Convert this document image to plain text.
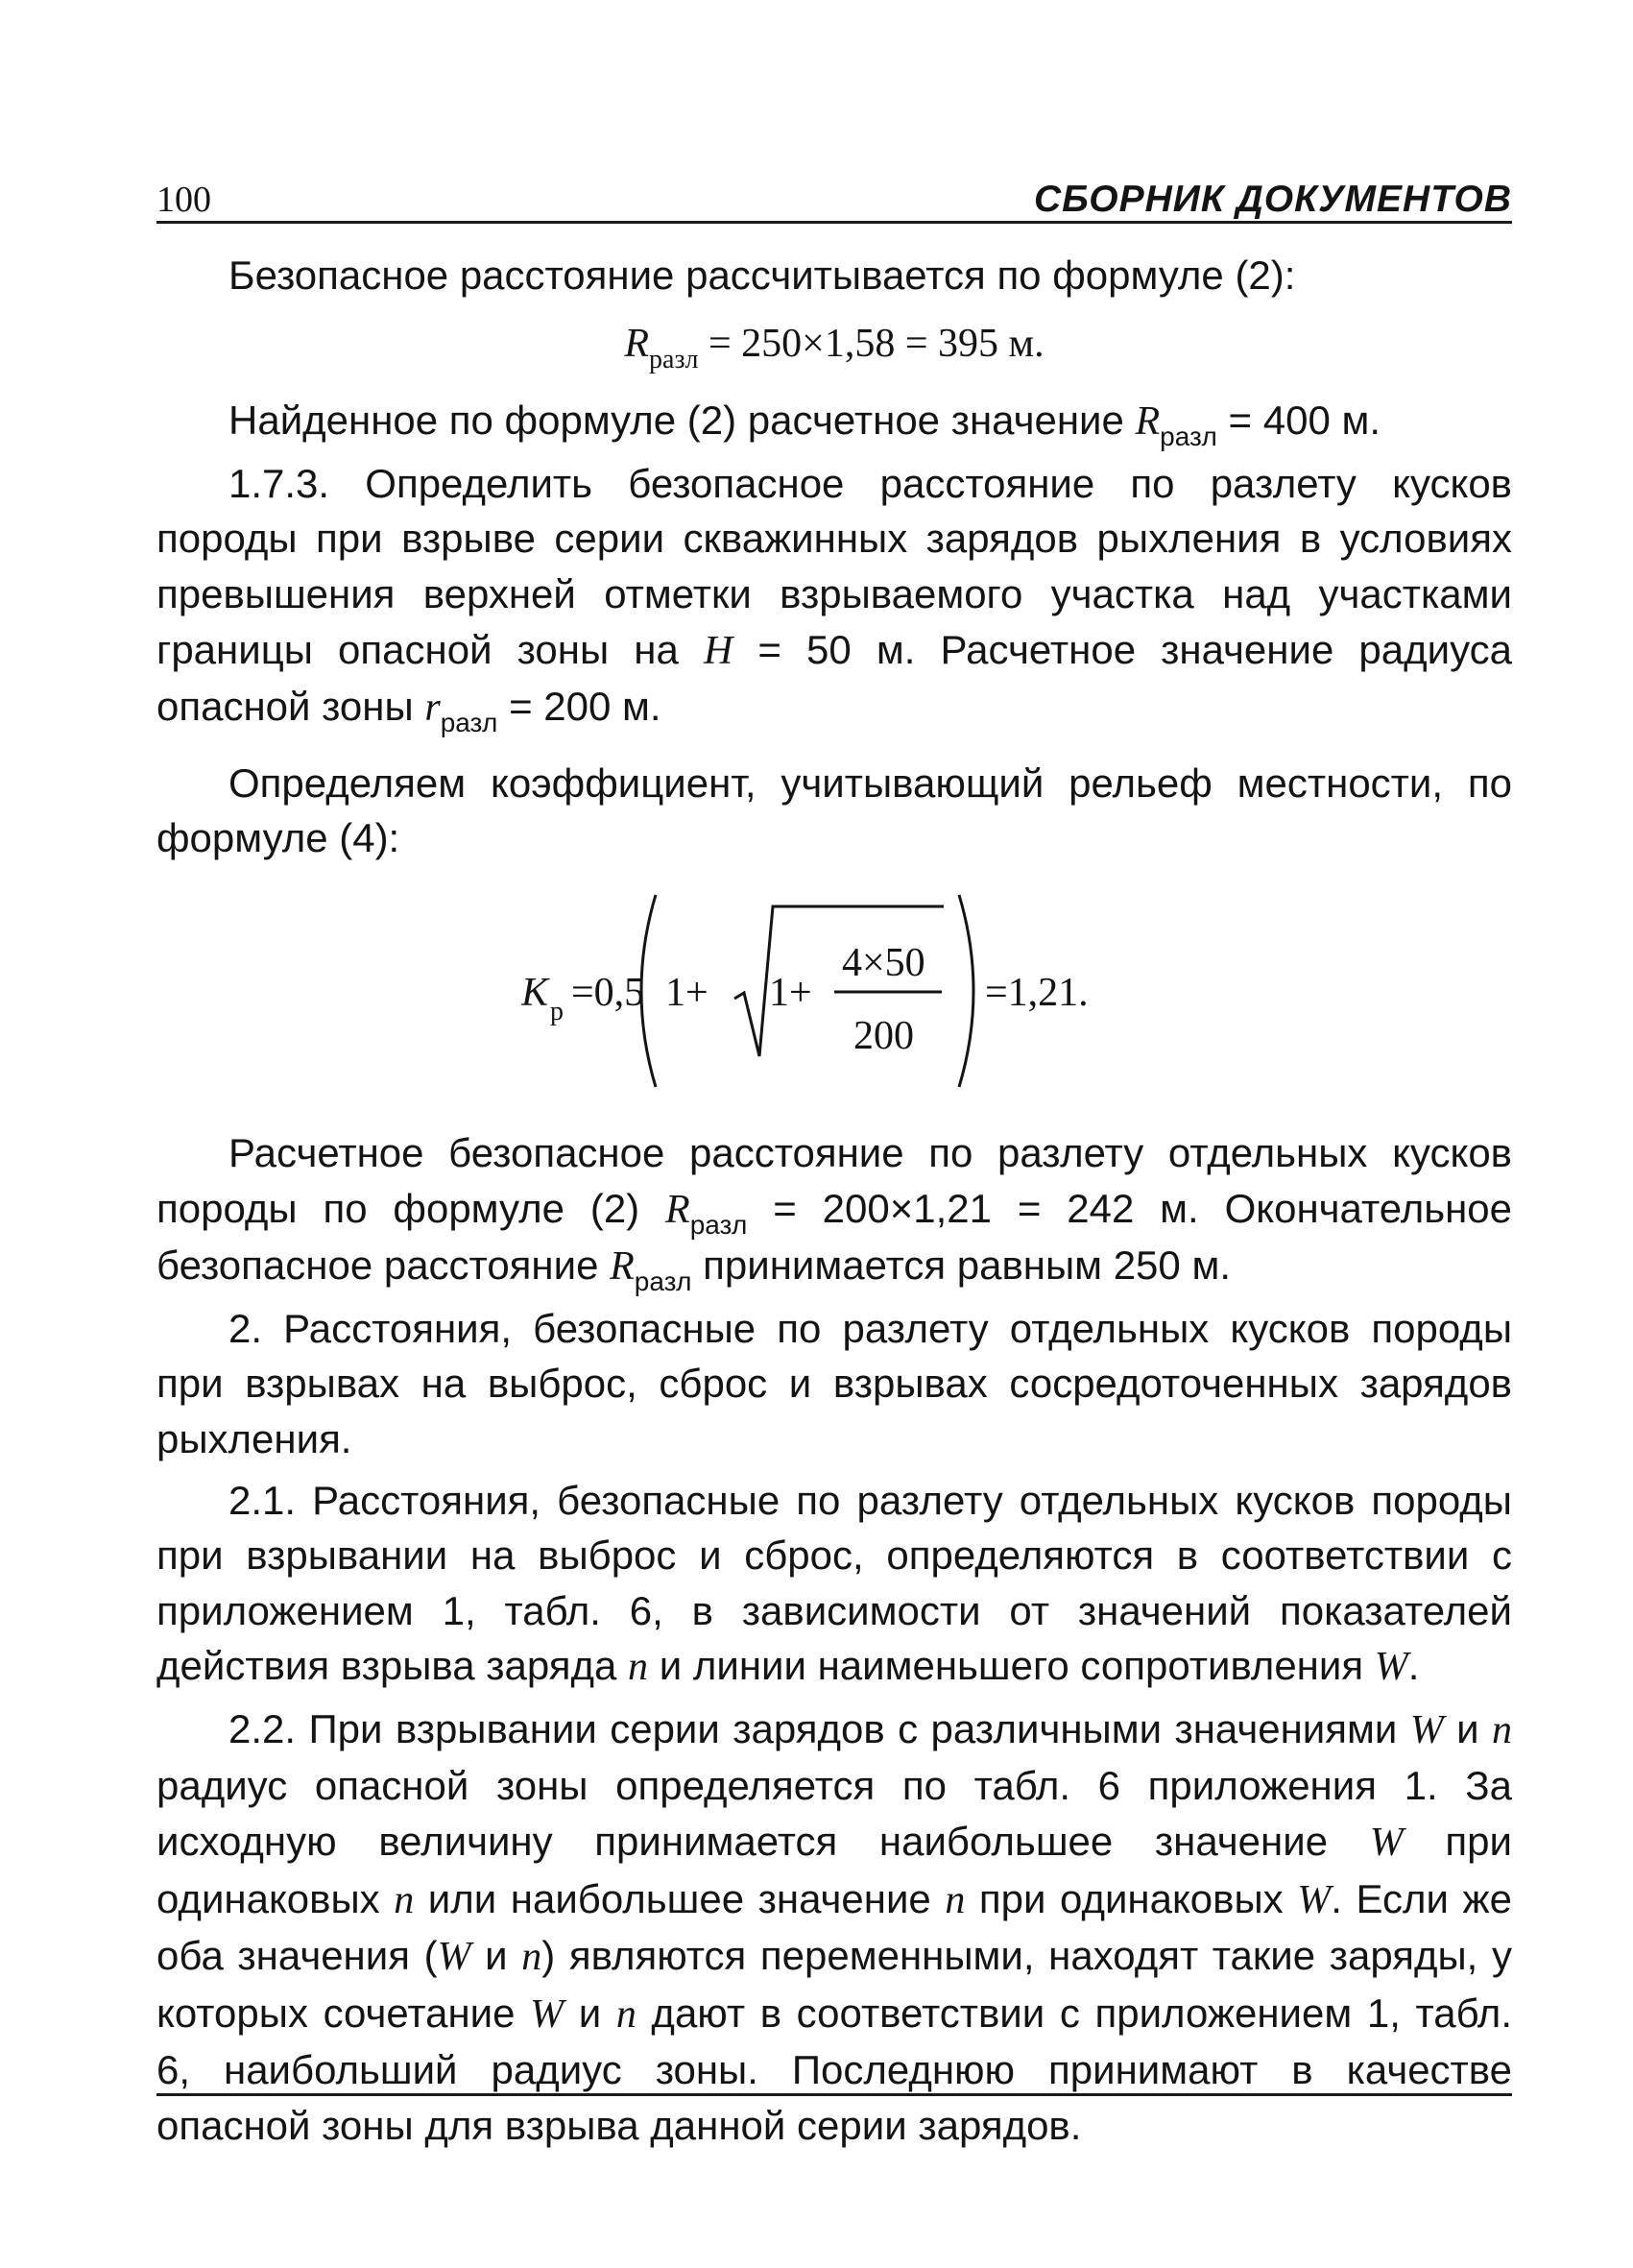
100	СБОРНИК ДОКУМЕНТОВ

Безопасное расстояние рассчитывается по формуле (2):

$R_{разл} = 250\times 1,58 = 395$ м.

Найденное по формуле (2) расчетное значение $R_{разл} = 400$ м.

1.7.3. Определить безопасное расстояние по разлету кусков породы при взрыве серии скважинных зарядов рыхления в условиях превышения верхней отметки взрываемого участка над участками границы опасной зоны на H = 50 м. Расчетное значение радиуса опасной зоны $r_{разл} = 200$ м.

Определяем коэффициент, учитывающий рельеф местности, по формуле (4):

K р =0,5 1+ 1+
4×50
200
=1,21.

Расчетное безопасное расстояние по разлету отдельных кусков породы по формуле (2) $R_{разл} = 200\times 1,21 = 242$ м. Окончательное безопасное расстояние $R_{разл}$ принимается равным 250 м.

2. Расстояния, безопасные по разлету отдельных кусков породы при взрывах на выброс, сброс и взрывах сосредоточенных зарядов рыхления.

2.1. Расстояния, безопасные по разлету отдельных кусков породы при взрывании на выброс и сброс, определяются в соответствии с приложением 1, табл. 6, в зависимости от значений показателей действия взрыва заряда n и линии наименьшего сопротивления W.

2.2. При взрывании серии зарядов с различными значениями W и n радиус опасной зоны определяется по табл. 6 приложения 1. За исходную величину принимается наибольшее значение W при одинаковых n или наибольшее значение n при одинаковых W. Если же оба значения (W и n) являются переменными, находят такие заряды, у которых сочетание W и n дают в соответствии с приложением 1, табл. 6, наибольший радиус зоны. Последнюю принимают в качестве опасной зоны для взрыва данной серии зарядов.
